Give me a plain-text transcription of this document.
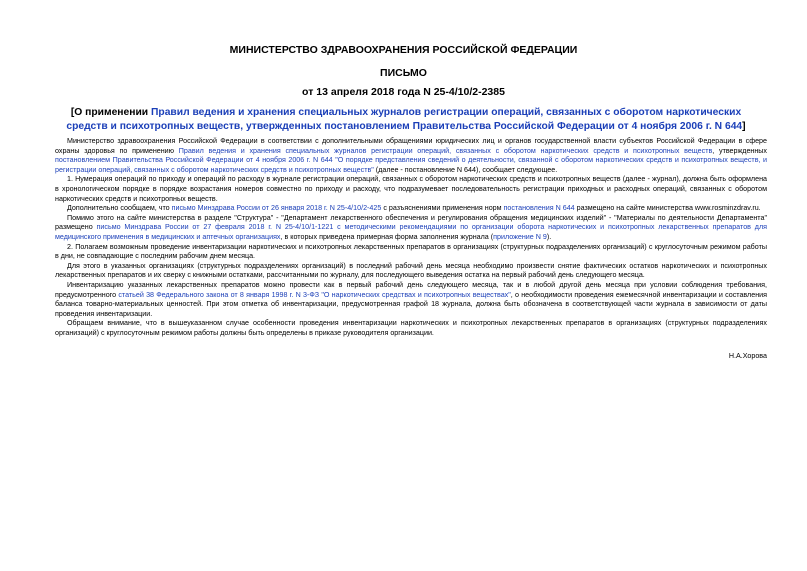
МИНИСТЕРСТВО ЗДРАВООХРАНЕНИЯ РОССИЙСКОЙ ФЕДЕРАЦИИ
ПИСЬМО
от 13 апреля 2018 года N 25-4/10/2-2385
[О применении Правил ведения и хранения специальных журналов регистрации операций, связанных с оборотом наркотических средств и психотропных веществ, утвержденных постановлением Правительства Российской Федерации от 4 ноября 2006 г. N 644]

Министерство здравоохранения Российской Федерации в соответствии с дополнительными обращениями юридических лиц и органов государственной власти субъектов Российской Федерации в сфере охраны здоровья по применению Правил ведения и хранения специальных журналов регистрации операций, связанных с оборотом наркотических средств и психотропных веществ, утвержденных постановлением Правительства Российской Федерации от 4 ноября 2006 г. N 644 "О порядке представления сведений о деятельности, связанной с оборотом наркотических средств и психотропных веществ, и регистрации операций, связанных с оборотом наркотических средств и психотропных веществ" (далее - постановление N 644), сообщает следующее.

1. Нумерация операций по приходу и операций по расходу в журнале регистрации операций, связанных с оборотом наркотических средств и психотропных веществ (далее - журнал), должна быть оформлена в хронологическом порядке в порядке возрастания номеров совместно по приходу и расходу, что подразумевает последовательность регистрации приходных и расходных операций, связанных с оборотом наркотических средств и психотропных веществ.

Дополнительно сообщаем, что письмо Минздрава России от 26 января 2018 г. N 25-4/10/2-425 с разъяснениями применения норм постановления N 644 размещено на сайте министерства www.rosminzdrav.ru.

Помимо этого на сайте министерства в разделе "Структура" - "Департамент лекарственного обеспечения и регулирования обращения медицинских изделий" - "Материалы по деятельности Департамента" размещено письмо Минздрава России от 27 февраля 2018 г. N 25-4/10/1-1221 с методическими рекомендациями по организации оборота наркотических и психотропных лекарственных препаратов для медицинского применения в медицинских и аптечных организациях, в которых приведена примерная форма заполнения журнала (приложение N 9).

2. Полагаем возможным проведение инвентаризации наркотических и психотропных лекарственных препаратов в организациях (структурных подразделениях организаций) с круглосуточным режимом работы в дни, не совпадающие с последним рабочим днем месяца.

Для этого в указанных организациях (структурных подразделениях организаций) в последний рабочий день месяца необходимо произвести снятие фактических остатков наркотических и психотропных лекарственных препаратов и их сверку с книжными остатками, рассчитанными по журналу, для последующего выведения остатка на первый рабочий день следующего месяца.

Инвентаризацию указанных лекарственных препаратов можно провести как в первый рабочий день следующего месяца, так и в любой другой день месяца при условии соблюдения требования, предусмотренного статьей 38 Федерального закона от 8 января 1998 г. N 3-ФЗ "О наркотических средствах и психотропных веществах", о необходимости проведения ежемесячной инвентаризации и составления баланса товарно-материальных ценностей. При этом отметка об инвентаризации, предусмотренная графой 18 журнала, должна быть обозначена в соответствующей части журнала в зависимости от даты проведения инвентаризации.

Обращаем внимание, что в вышеуказанном случае особенности проведения инвентаризации наркотических и психотропных лекарственных препаратов в организациях (структурных подразделениях организаций) с круглосуточным режимом работы должны быть определены в приказе руководителя организации.

Н.А.Хорова
